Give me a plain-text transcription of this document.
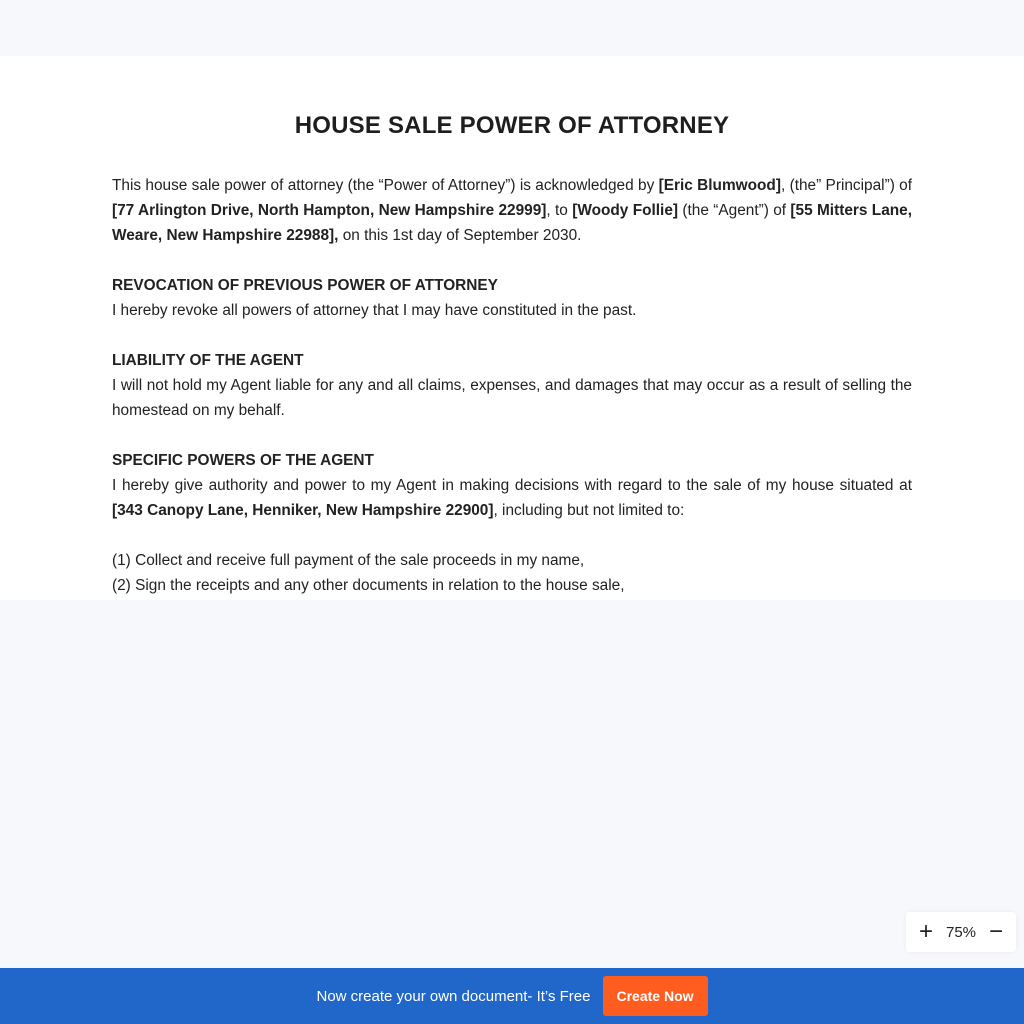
HOUSE SALE POWER OF ATTORNEY

This house sale power of attorney (the “Power of Attorney”) is acknowledged by [Eric Blumwood], (the” Principal”) of [77 Arlington Drive, North Hampton, New Hampshire 22999], to [Woody Follie] (the “Agent”) of [55 Mitters Lane, Weare, New Hampshire 22988], on this 1st day of September 2030.

REVOCATION OF PREVIOUS POWER OF ATTORNEY

I hereby revoke all powers of attorney that I may have constituted in the past.

LIABILITY OF THE AGENT

I will not hold my Agent liable for any and all claims, expenses, and damages that may occur as a result of selling the homestead on my behalf.

SPECIFIC POWERS OF THE AGENT

I hereby give authority and power to my Agent in making decisions with regard to the sale of my house situated at [343 Canopy Lane, Henniker, New Hampshire 22900], including but not limited to:

(1) Collect and receive full payment of the sale proceeds in my name,

(2) Sign the receipts and any other documents in relation to the house sale,

+ 75% −
Now create your own document- It’s Free	Create Now
